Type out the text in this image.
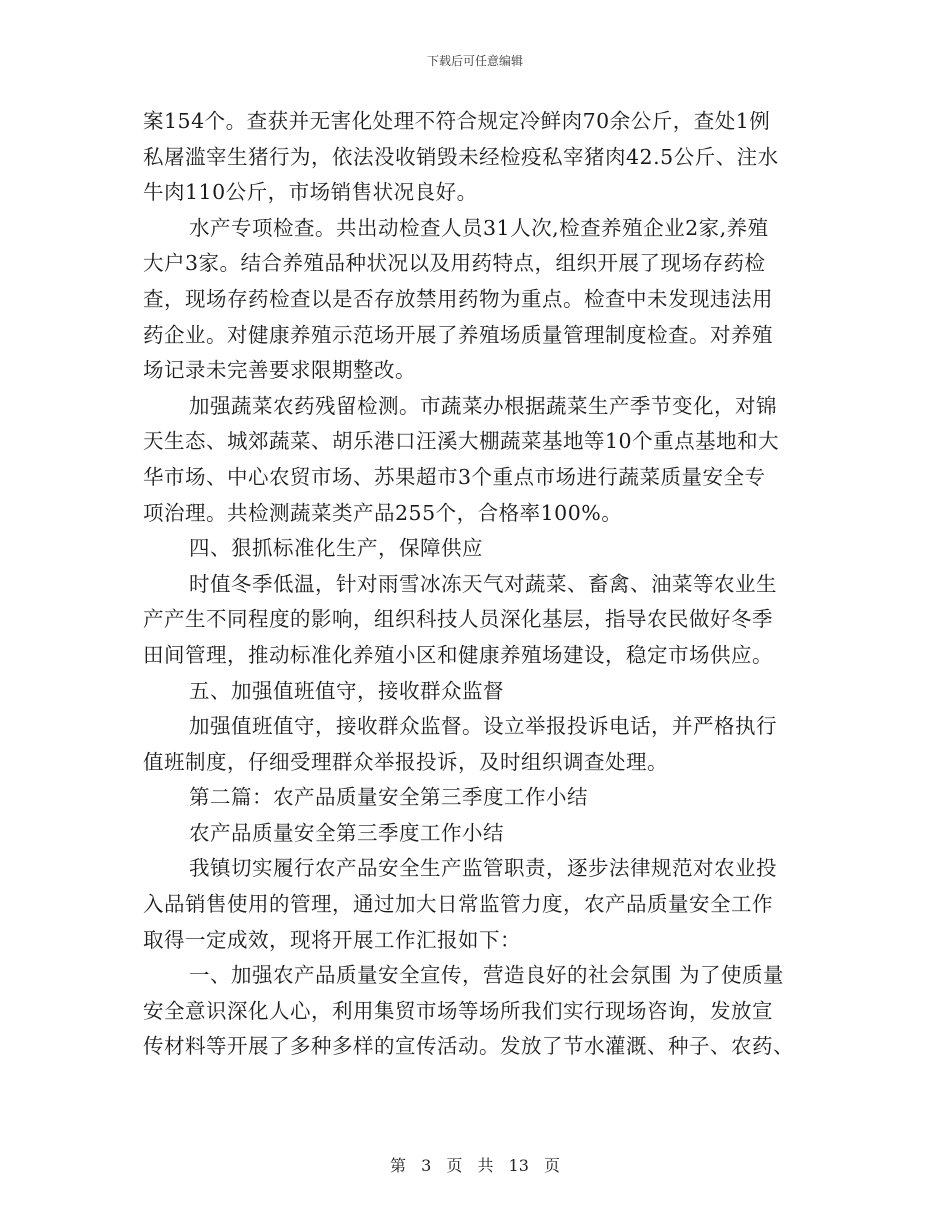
下载后可任意编辑
案154个。查获并无害化处理不符合规定冷鲜肉70余公斤，查处1例
私屠滥宰生猪行为，依法没收销毁未经检疫私宰猪肉42.5公斤、注水
牛肉110公斤，市场销售状况良好。
水产专项检查。共出动检查人员31人次,检查养殖企业2家,养殖
大户3家。结合养殖品种状况以及用药特点，组织开展了现场存药检
查，现场存药检查以是否存放禁用药物为重点。检查中未发现违法用
药企业。对健康养殖示范场开展了养殖场质量管理制度检查。对养殖
场记录未完善要求限期整改。
加强蔬菜农药残留检测。市蔬菜办根据蔬菜生产季节变化，对锦
天生态、城郊蔬菜、胡乐港口汪溪大棚蔬菜基地等10个重点基地和大
华市场、中心农贸市场、苏果超市3个重点市场进行蔬菜质量安全专
项治理。共检测蔬菜类产品255个，合格率100%。
四、狠抓标准化生产，保障供应
时值冬季低温，针对雨雪冰冻天气对蔬菜、畜禽、油菜等农业生
产产生不同程度的影响，组织科技人员深化基层，指导农民做好冬季
田间管理，推动标准化养殖小区和健康养殖场建设，稳定市场供应。
五、加强值班值守，接收群众监督
加强值班值守，接收群众监督。设立举报投诉电话，并严格执行
值班制度，仔细受理群众举报投诉，及时组织调查处理。
第二篇：农产品质量安全第三季度工作小结
农产品质量安全第三季度工作小结
我镇切实履行农产品安全生产监管职责，逐步法律规范对农业投
入品销售使用的管理，通过加大日常监管力度，农产品质量安全工作
取得一定成效，现将开展工作汇报如下：
一、加强农产品质量安全宣传，营造良好的社会氛围 为了使质量
安全意识深化人心，利用集贸市场等场所我们实行现场咨询，发放宣
传材料等开展了多种多样的宣传活动。发放了节水灌溉、种子、农药、
第 3 页 共 13 页
